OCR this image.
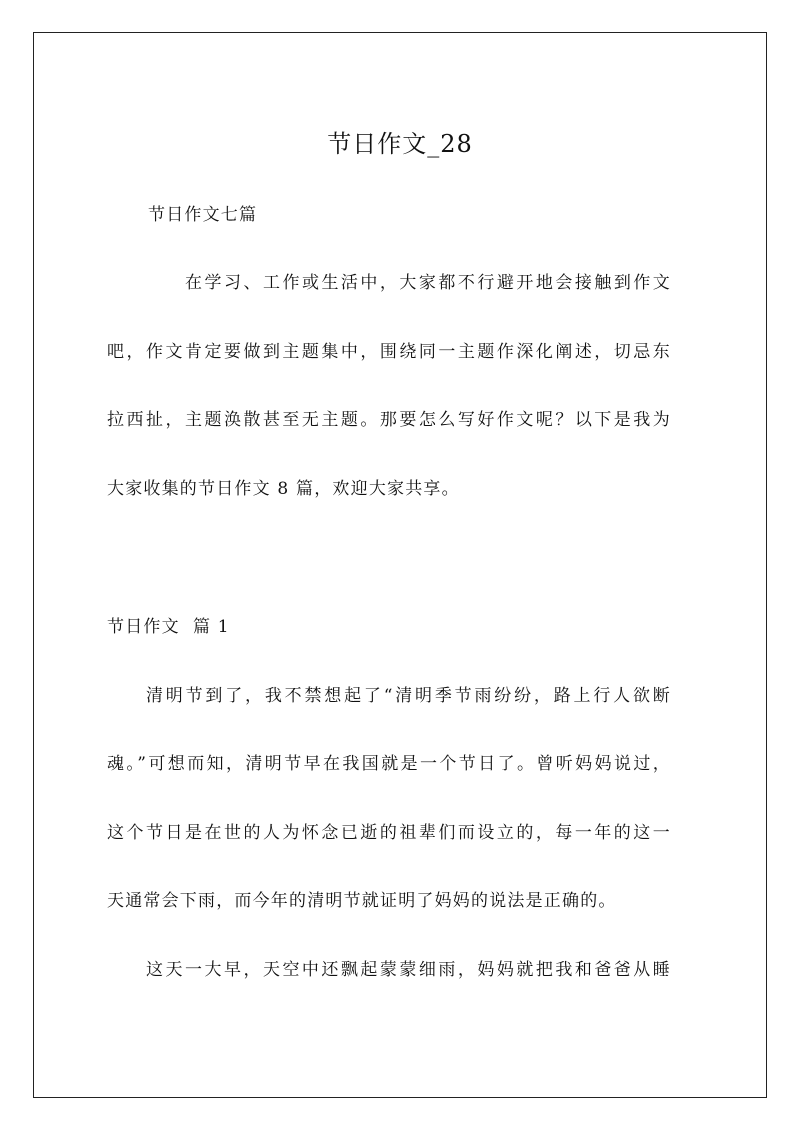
节日作文_28
节日作文七篇
在学习、工作或生活中，大家都不行避开地会接触到作文
吧，作文肯定要做到主题集中，围绕同一主题作深化阐述，切忌东
拉西扯，主题涣散甚至无主题。那要怎么写好作文呢？以下是我为
大家收集的节日作文 8 篇，欢迎大家共享。
节日作文  篇 1
清明节到了，我不禁想起了“清明季节雨纷纷，路上行人欲断
魂。”可想而知，清明节早在我国就是一个节日了。曾听妈妈说过，
这个节日是在世的人为怀念已逝的祖辈们而设立的，每一年的这一
天通常会下雨，而今年的清明节就证明了妈妈的说法是正确的。
这天一大早，天空中还飘起蒙蒙细雨，妈妈就把我和爸爸从睡
